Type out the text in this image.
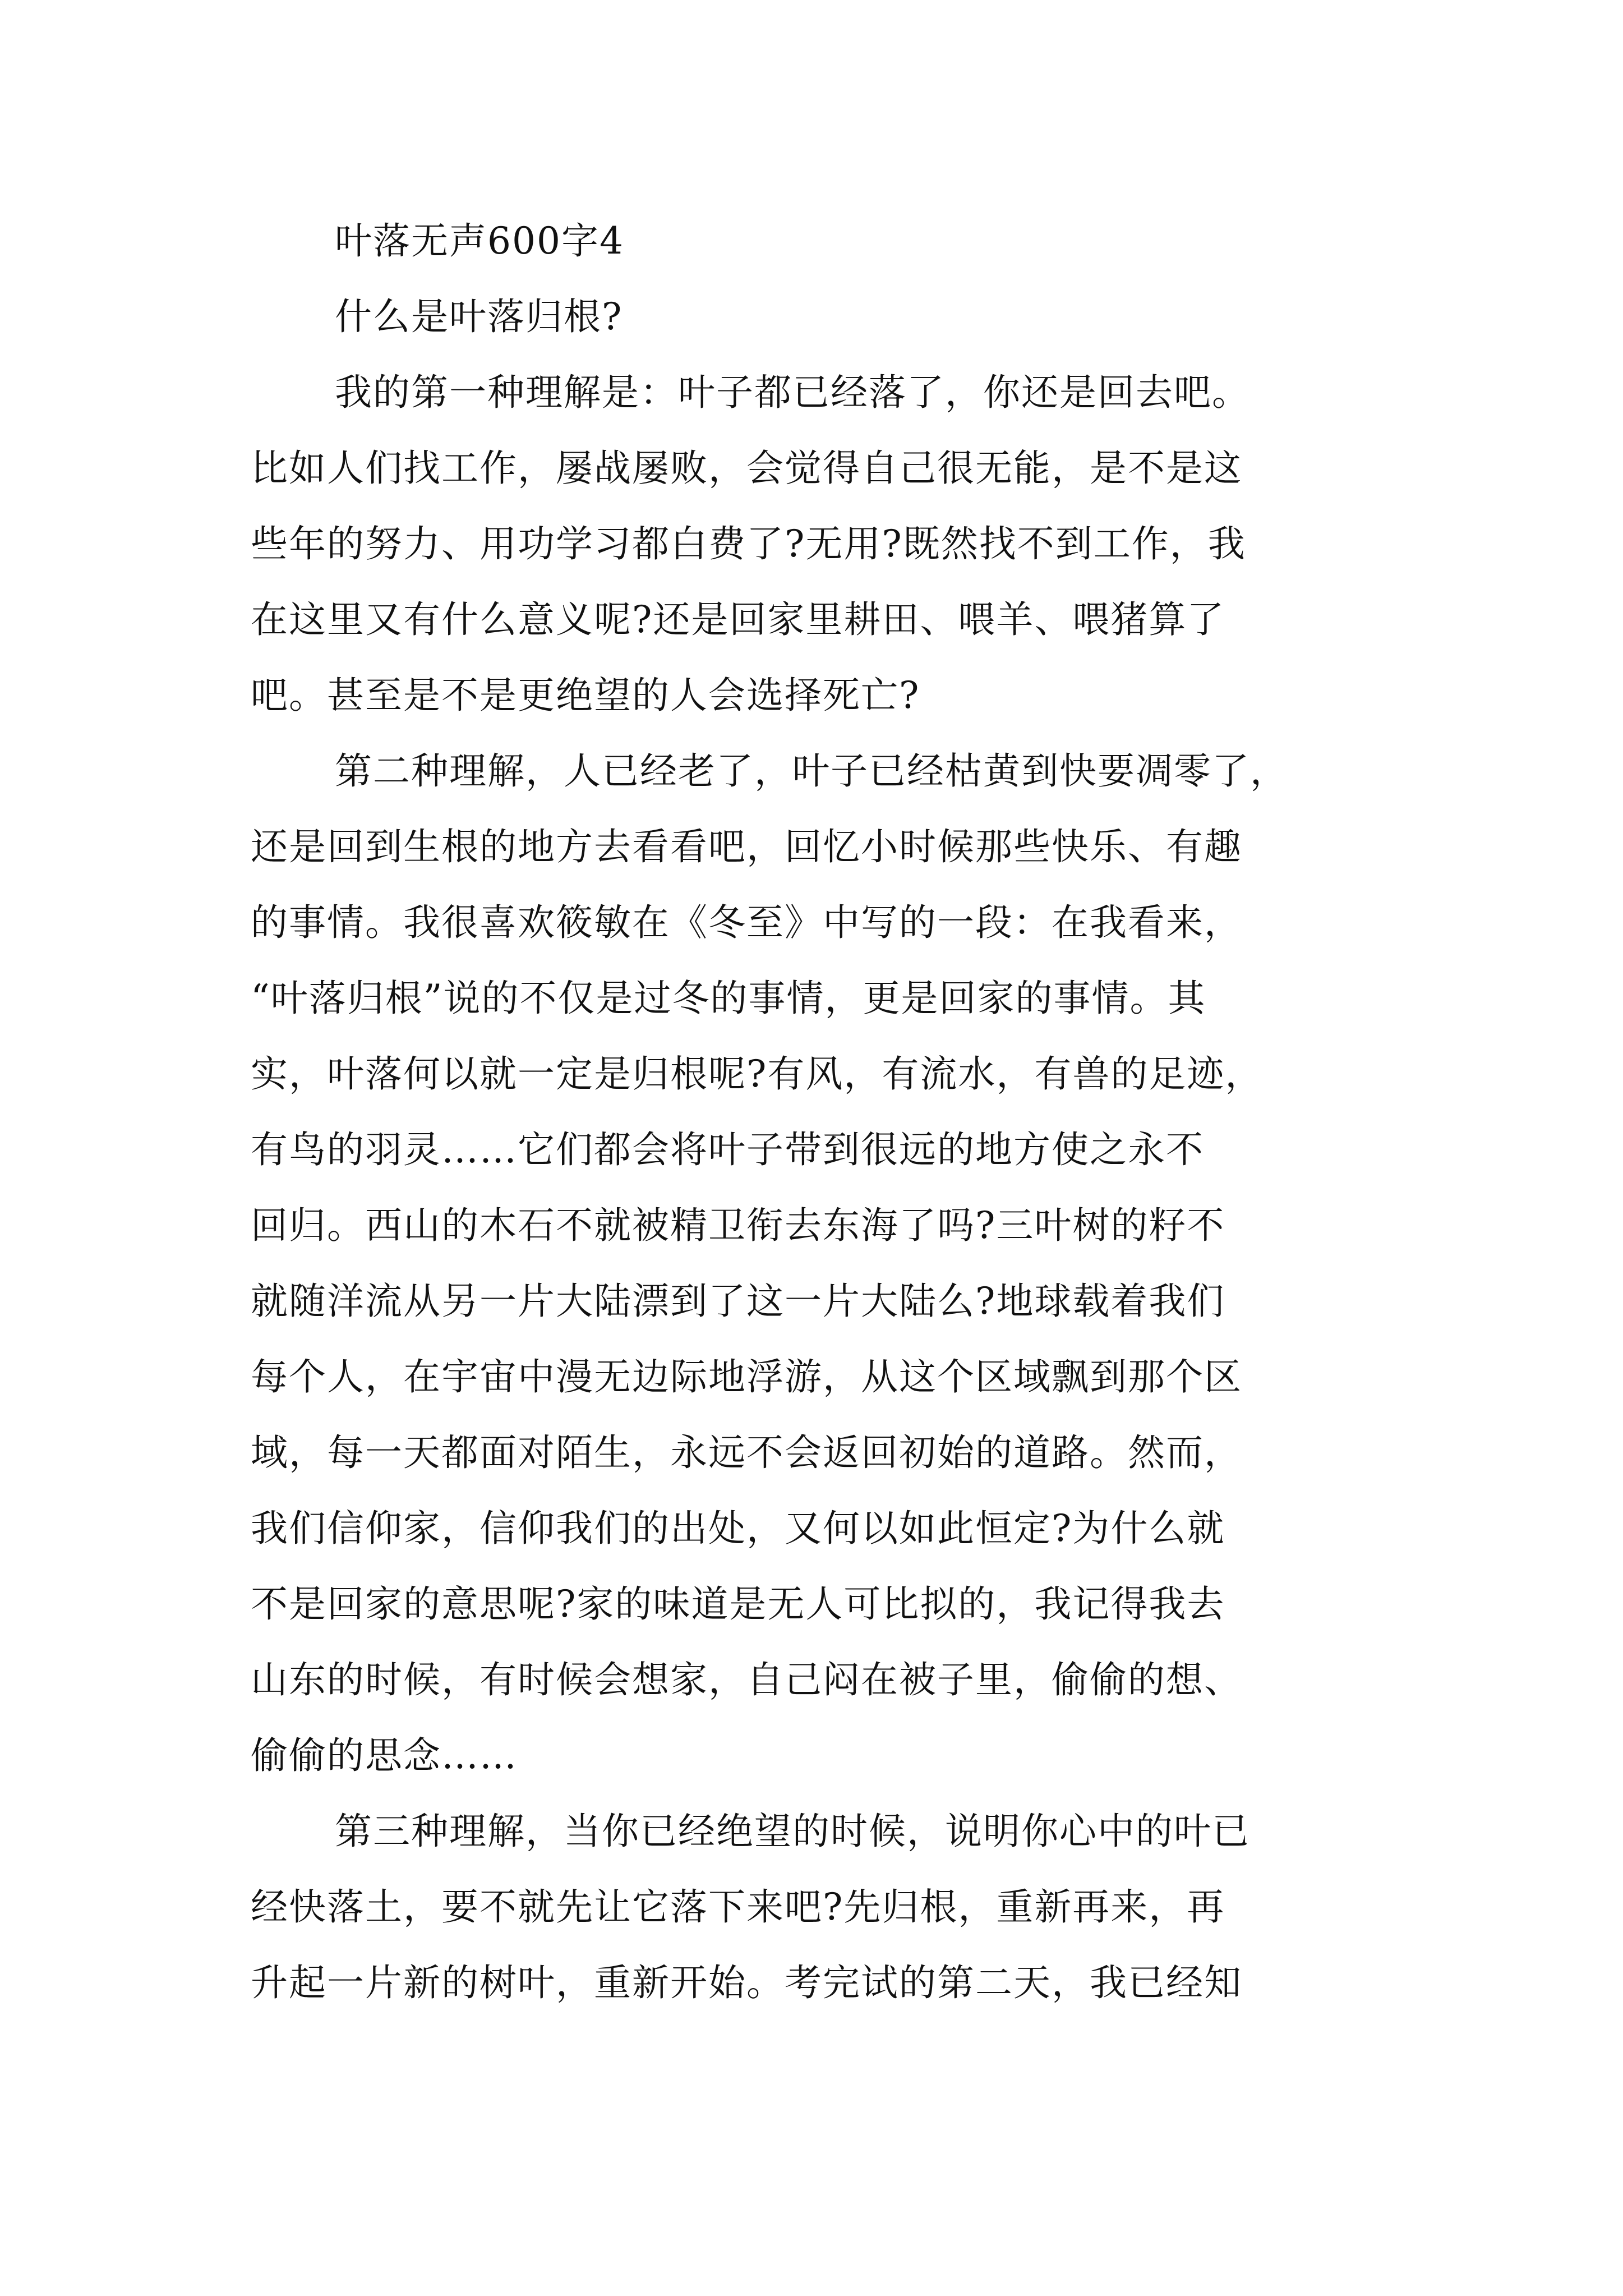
叶落无声600字4
什么是叶落归根?
我的第一种理解是：叶子都已经落了，你还是回去吧。
比如人们找工作，屡战屡败，会觉得自己很无能，是不是这
些年的努力、用功学习都白费了?无用?既然找不到工作，我
在这里又有什么意义呢?还是回家里耕田、喂羊、喂猪算了
吧。甚至是不是更绝望的人会选择死亡?
第二种理解，人已经老了，叶子已经枯黄到快要凋零了，
还是回到生根的地方去看看吧，回忆小时候那些快乐、有趣
的事情。我很喜欢筱敏在《冬至》中写的一段：在我看来，
“叶落归根”说的不仅是过冬的事情，更是回家的事情。其
实，叶落何以就一定是归根呢?有风，有流水，有兽的足迹，
有鸟的羽灵……它们都会将叶子带到很远的地方使之永不
回归。西山的木石不就被精卫衔去东海了吗?三叶树的籽不
就随洋流从另一片大陆漂到了这一片大陆么?地球载着我们
每个人，在宇宙中漫无边际地浮游，从这个区域飘到那个区
域，每一天都面对陌生，永远不会返回初始的道路。然而，
我们信仰家，信仰我们的出处，又何以如此恒定?为什么就
不是回家的意思呢?家的味道是无人可比拟的，我记得我去
山东的时候，有时候会想家，自己闷在被子里，偷偷的想、
偷偷的思念……
第三种理解，当你已经绝望的时候，说明你心中的叶已
经快落土，要不就先让它落下来吧?先归根，重新再来，再
升起一片新的树叶，重新开始。考完试的第二天，我已经知
